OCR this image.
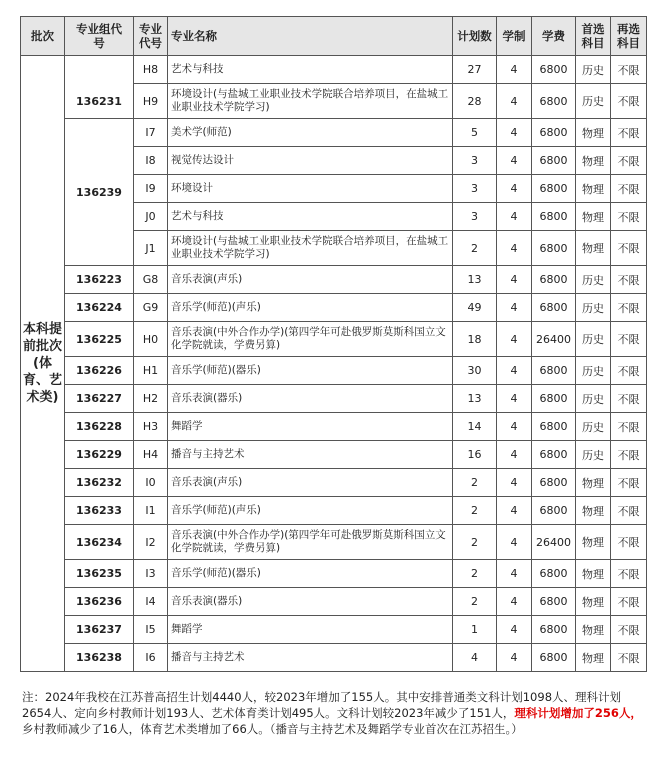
批次	专业组代号	专业代号	专业名称	计划数	学制	学费	首选科目	再选科目
本科提前批次(体育、艺术类)	136231	H8	艺术与科技	27	4	6800	历史	不限
		H9	环境设计(与盐城工业职业技术学院联合培养项目，在盐城工业职业技术学院学习)	28	4	6800	历史	不限
	136239	I7	美术学(师范)	5	4	6800	物理	不限
		I8	视觉传达设计	3	4	6800	物理	不限
		I9	环境设计	3	4	6800	物理	不限
		J0	艺术与科技	3	4	6800	物理	不限
		J1	环境设计(与盐城工业职业技术学院联合培养项目，在盐城工业职业技术学院学习)	2	4	6800	物理	不限
	136223	G8	音乐表演(声乐)	13	4	6800	历史	不限
	136224	G9	音乐学(师范)(声乐)	49	4	6800	历史	不限
	136225	H0	音乐表演(中外合作办学)(第四学年可赴俄罗斯莫斯科国立文化学院就读，学费另算)	18	4	26400	历史	不限
	136226	H1	音乐学(师范)(器乐)	30	4	6800	历史	不限
	136227	H2	音乐表演(器乐)	13	4	6800	历史	不限
	136228	H3	舞蹈学	14	4	6800	历史	不限
	136229	H4	播音与主持艺术	16	4	6800	历史	不限
	136232	I0	音乐表演(声乐)	2	4	6800	物理	不限
	136233	I1	音乐学(师范)(声乐)	2	4	6800	物理	不限
	136234	I2	音乐表演(中外合作办学)(第四学年可赴俄罗斯莫斯科国立文化学院就读，学费另算)	2	4	26400	物理	不限
	136235	I3	音乐学(师范)(器乐)	2	4	6800	物理	不限
	136236	I4	音乐表演(器乐)	2	4	6800	物理	不限
	136237	I5	舞蹈学	1	4	6800	物理	不限
	136238	I6	播音与主持艺术	4	4	6800	物理	不限
注：2024年我校在江苏普高招生计划4440人，较2023年增加了155人。其中安排普通类文科计划1098人、理科计划2654人、定向乡村教师计划193人、艺术体育类计划495人。文科计划较2023年减少了151人，理科计划增加了256人，乡村教师减少了16人，体育艺术类增加了66人。（播音与主持艺术及舞蹈学专业首次在江苏招生。）
